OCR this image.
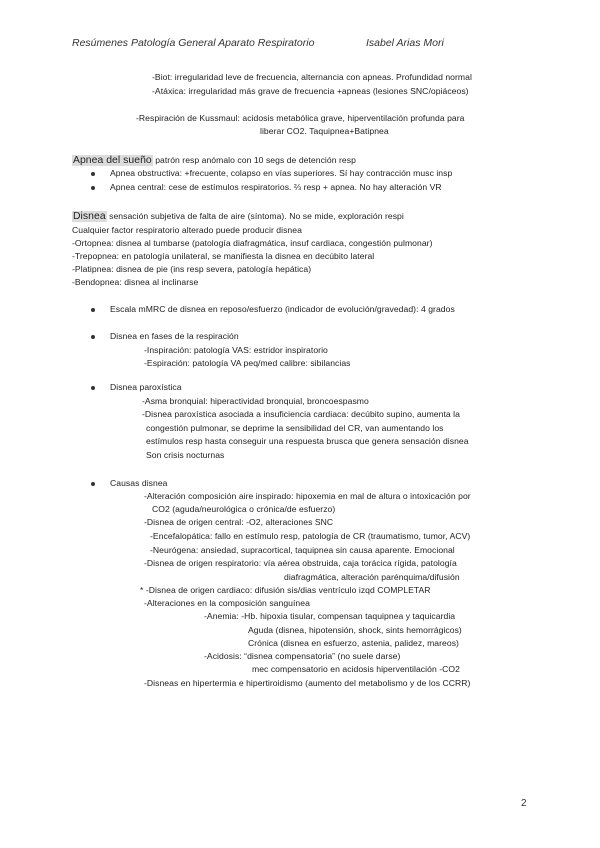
Resúmenes Patología General Aparato Respiratorio	Isabel Arias Mori
-Biot: irregularidad leve de frecuencia, alternancia con apneas. Profundidad normal
-Atáxica: irregularidad más grave de frecuencia +apneas (lesiones SNC/opiáceos)
-Respiración de Kussmaul: acidosis metabólica grave, hiperventilación profunda para
liberar CO2. Taquipnea+Batipnea
Apnea del sueño patrón resp anómalo con 10 segs de detención resp
Apnea obstructiva: +frecuente, colapso en vías superiores. Sí hay contracción musc insp
Apnea central: cese de estímulos respiratorios. ⅔ resp + apnea. No hay alteración VR
Disnea sensación subjetiva de falta de aire (síntoma). No se mide, exploración respi
Cualquier factor respiratorio alterado puede producir disnea
-Ortopnea: disnea al tumbarse (patología diafragmática, insuf cardiaca, congestión pulmonar)
-Trepopnea: en patología unilateral, se manifiesta la disnea en decúbito lateral
-Platipnea: disnea de pie (ins resp severa, patología hepática)
-Bendopnea: disnea al inclinarse
Escala mMRC de disnea en reposo/esfuerzo (indicador de evolución/gravedad): 4 grados
Disnea en fases de la respiración
-Inspiración: patología VAS: estridor inspiratorio
-Espiración: patología VA peq/med calibre: sibilancias
Disnea paroxística
-Asma bronquial: hiperactividad bronquial, broncoespasmo
-Disnea paroxística asociada a insuficiencia cardiaca: decúbito supino, aumenta la
congestión pulmonar, se deprime la sensibilidad del CR, van aumentando los
estímulos resp hasta conseguir una respuesta brusca que genera sensación disnea
Son crisis nocturnas
Causas disnea
-Alteración composición aire inspirado: hipoxemia en mal de altura o intoxicación por
CO2 (aguda/neurológica o crónica/de esfuerzo)
-Disnea de origen central: -O2, alteraciones SNC
-Encefalopática: fallo en estímulo resp, patología de CR (traumatismo, tumor, ACV)
-Neurógena: ansiedad, supracortical, taquipnea sin causa aparente. Emocional
-Disnea de origen respiratorio: vía aérea obstruida, caja torácica rígida, patología
diafragmática, alteración parénquima/difusión
* -Disnea de origen cardiaco: difusión sis/dias ventrículo izqd COMPLETAR
-Alteraciones en la composición sanguínea
-Anemia: -Hb. hipoxia tisular, compensan taquipnea y taquicardia
Aguda (disnea, hipotensión, shock, sints hemorrágicos)
Crónica (disnea en esfuerzo, astenia, palidez, mareos)
-Acidosis: “disnea compensatoria” (no suele darse)
mec compensatorio en acidosis hiperventilación -CO2
-Disneas en hipertermia e hipertiroidismo (aumento del metabolismo y de los CCRR)
2
